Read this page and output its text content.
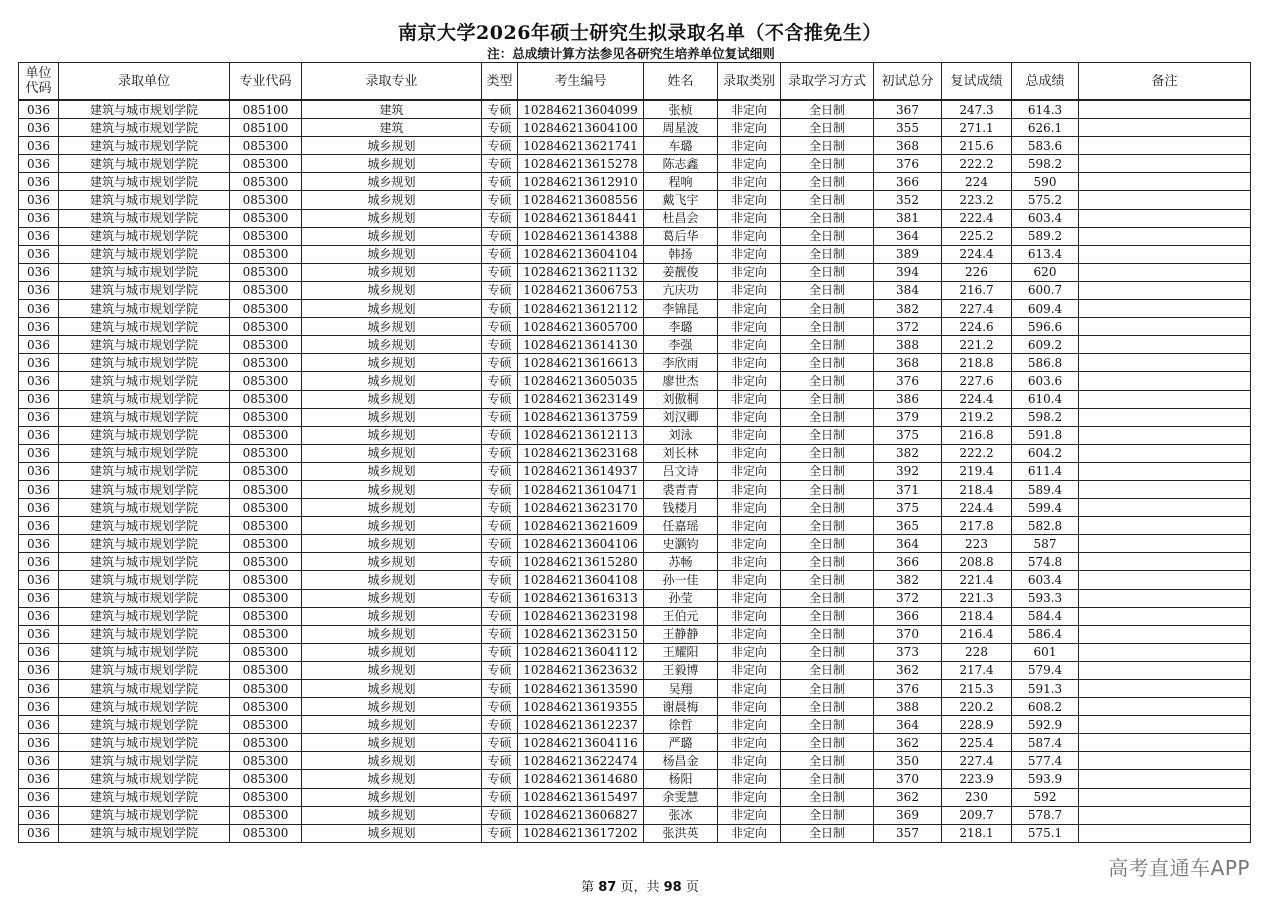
南京大学2026年硕士研究生拟录取名单（不含推免生）
注：总成绩计算方法参见各研究生培养单位复试细则
单位代码	录取单位	专业代码	录取专业	类型	考生编号	姓名	录取类别	录取学习方式	初试总分	复试成绩	总成绩	备注
036	建筑与城市规划学院	085100	建筑	专硕	102846213604099	张桢	非定向	全日制	367	247.3	614.3	
036	建筑与城市规划学院	085100	建筑	专硕	102846213604100	周星波	非定向	全日制	355	271.1	626.1	
036	建筑与城市规划学院	085300	城乡规划	专硕	102846213621741	车璐	非定向	全日制	368	215.6	583.6	
036	建筑与城市规划学院	085300	城乡规划	专硕	102846213615278	陈志鑫	非定向	全日制	376	222.2	598.2	
036	建筑与城市规划学院	085300	城乡规划	专硕	102846213612910	程响	非定向	全日制	366	224	590	
036	建筑与城市规划学院	085300	城乡规划	专硕	102846213608556	戴飞宇	非定向	全日制	352	223.2	575.2	
036	建筑与城市规划学院	085300	城乡规划	专硕	102846213618441	杜昌会	非定向	全日制	381	222.4	603.4	
036	建筑与城市规划学院	085300	城乡规划	专硕	102846213614388	葛后华	非定向	全日制	364	225.2	589.2	
036	建筑与城市规划学院	085300	城乡规划	专硕	102846213604104	韩扬	非定向	全日制	389	224.4	613.4	
036	建筑与城市规划学院	085300	城乡规划	专硕	102846213621132	姜靓俊	非定向	全日制	394	226	620	
036	建筑与城市规划学院	085300	城乡规划	专硕	102846213606753	亢庆功	非定向	全日制	384	216.7	600.7	
036	建筑与城市规划学院	085300	城乡规划	专硕	102846213612112	李锦昆	非定向	全日制	382	227.4	609.4	
036	建筑与城市规划学院	085300	城乡规划	专硕	102846213605700	李璐	非定向	全日制	372	224.6	596.6	
036	建筑与城市规划学院	085300	城乡规划	专硕	102846213614130	李强	非定向	全日制	388	221.2	609.2	
036	建筑与城市规划学院	085300	城乡规划	专硕	102846213616613	李欣雨	非定向	全日制	368	218.8	586.8	
036	建筑与城市规划学院	085300	城乡规划	专硕	102846213605035	廖世杰	非定向	全日制	376	227.6	603.6	
036	建筑与城市规划学院	085300	城乡规划	专硕	102846213623149	刘傲桐	非定向	全日制	386	224.4	610.4	
036	建筑与城市规划学院	085300	城乡规划	专硕	102846213613759	刘汉卿	非定向	全日制	379	219.2	598.2	
036	建筑与城市规划学院	085300	城乡规划	专硕	102846213612113	刘泳	非定向	全日制	375	216.8	591.8	
036	建筑与城市规划学院	085300	城乡规划	专硕	102846213623168	刘长林	非定向	全日制	382	222.2	604.2	
036	建筑与城市规划学院	085300	城乡规划	专硕	102846213614937	吕文诗	非定向	全日制	392	219.4	611.4	
036	建筑与城市规划学院	085300	城乡规划	专硕	102846213610471	裘青青	非定向	全日制	371	218.4	589.4	
036	建筑与城市规划学院	085300	城乡规划	专硕	102846213623170	钱楼月	非定向	全日制	375	224.4	599.4	
036	建筑与城市规划学院	085300	城乡规划	专硕	102846213621609	任嘉瑶	非定向	全日制	365	217.8	582.8	
036	建筑与城市规划学院	085300	城乡规划	专硕	102846213604106	史灏钧	非定向	全日制	364	223	587	
036	建筑与城市规划学院	085300	城乡规划	专硕	102846213615280	苏畅	非定向	全日制	366	208.8	574.8	
036	建筑与城市规划学院	085300	城乡规划	专硕	102846213604108	孙一佳	非定向	全日制	382	221.4	603.4	
036	建筑与城市规划学院	085300	城乡规划	专硕	102846213616313	孙莹	非定向	全日制	372	221.3	593.3	
036	建筑与城市规划学院	085300	城乡规划	专硕	102846213623198	王伯元	非定向	全日制	366	218.4	584.4	
036	建筑与城市规划学院	085300	城乡规划	专硕	102846213623150	王静静	非定向	全日制	370	216.4	586.4	
036	建筑与城市规划学院	085300	城乡规划	专硕	102846213604112	王耀阳	非定向	全日制	373	228	601	
036	建筑与城市规划学院	085300	城乡规划	专硕	102846213623632	王毅博	非定向	全日制	362	217.4	579.4	
036	建筑与城市规划学院	085300	城乡规划	专硕	102846213613590	吴翔	非定向	全日制	376	215.3	591.3	
036	建筑与城市规划学院	085300	城乡规划	专硕	102846213619355	谢晨梅	非定向	全日制	388	220.2	608.2	
036	建筑与城市规划学院	085300	城乡规划	专硕	102846213612237	徐哲	非定向	全日制	364	228.9	592.9	
036	建筑与城市规划学院	085300	城乡规划	专硕	102846213604116	严璐	非定向	全日制	362	225.4	587.4	
036	建筑与城市规划学院	085300	城乡规划	专硕	102846213622474	杨昌金	非定向	全日制	350	227.4	577.4	
036	建筑与城市规划学院	085300	城乡规划	专硕	102846213614680	杨阳	非定向	全日制	370	223.9	593.9	
036	建筑与城市规划学院	085300	城乡规划	专硕	102846213615497	余雯慧	非定向	全日制	362	230	592	
036	建筑与城市规划学院	085300	城乡规划	专硕	102846213606827	张冰	非定向	全日制	369	209.7	578.7	
036	建筑与城市规划学院	085300	城乡规划	专硕	102846213617202	张洪英	非定向	全日制	357	218.1	575.1	
第 87 页，共 98 页
高考直通车APP
